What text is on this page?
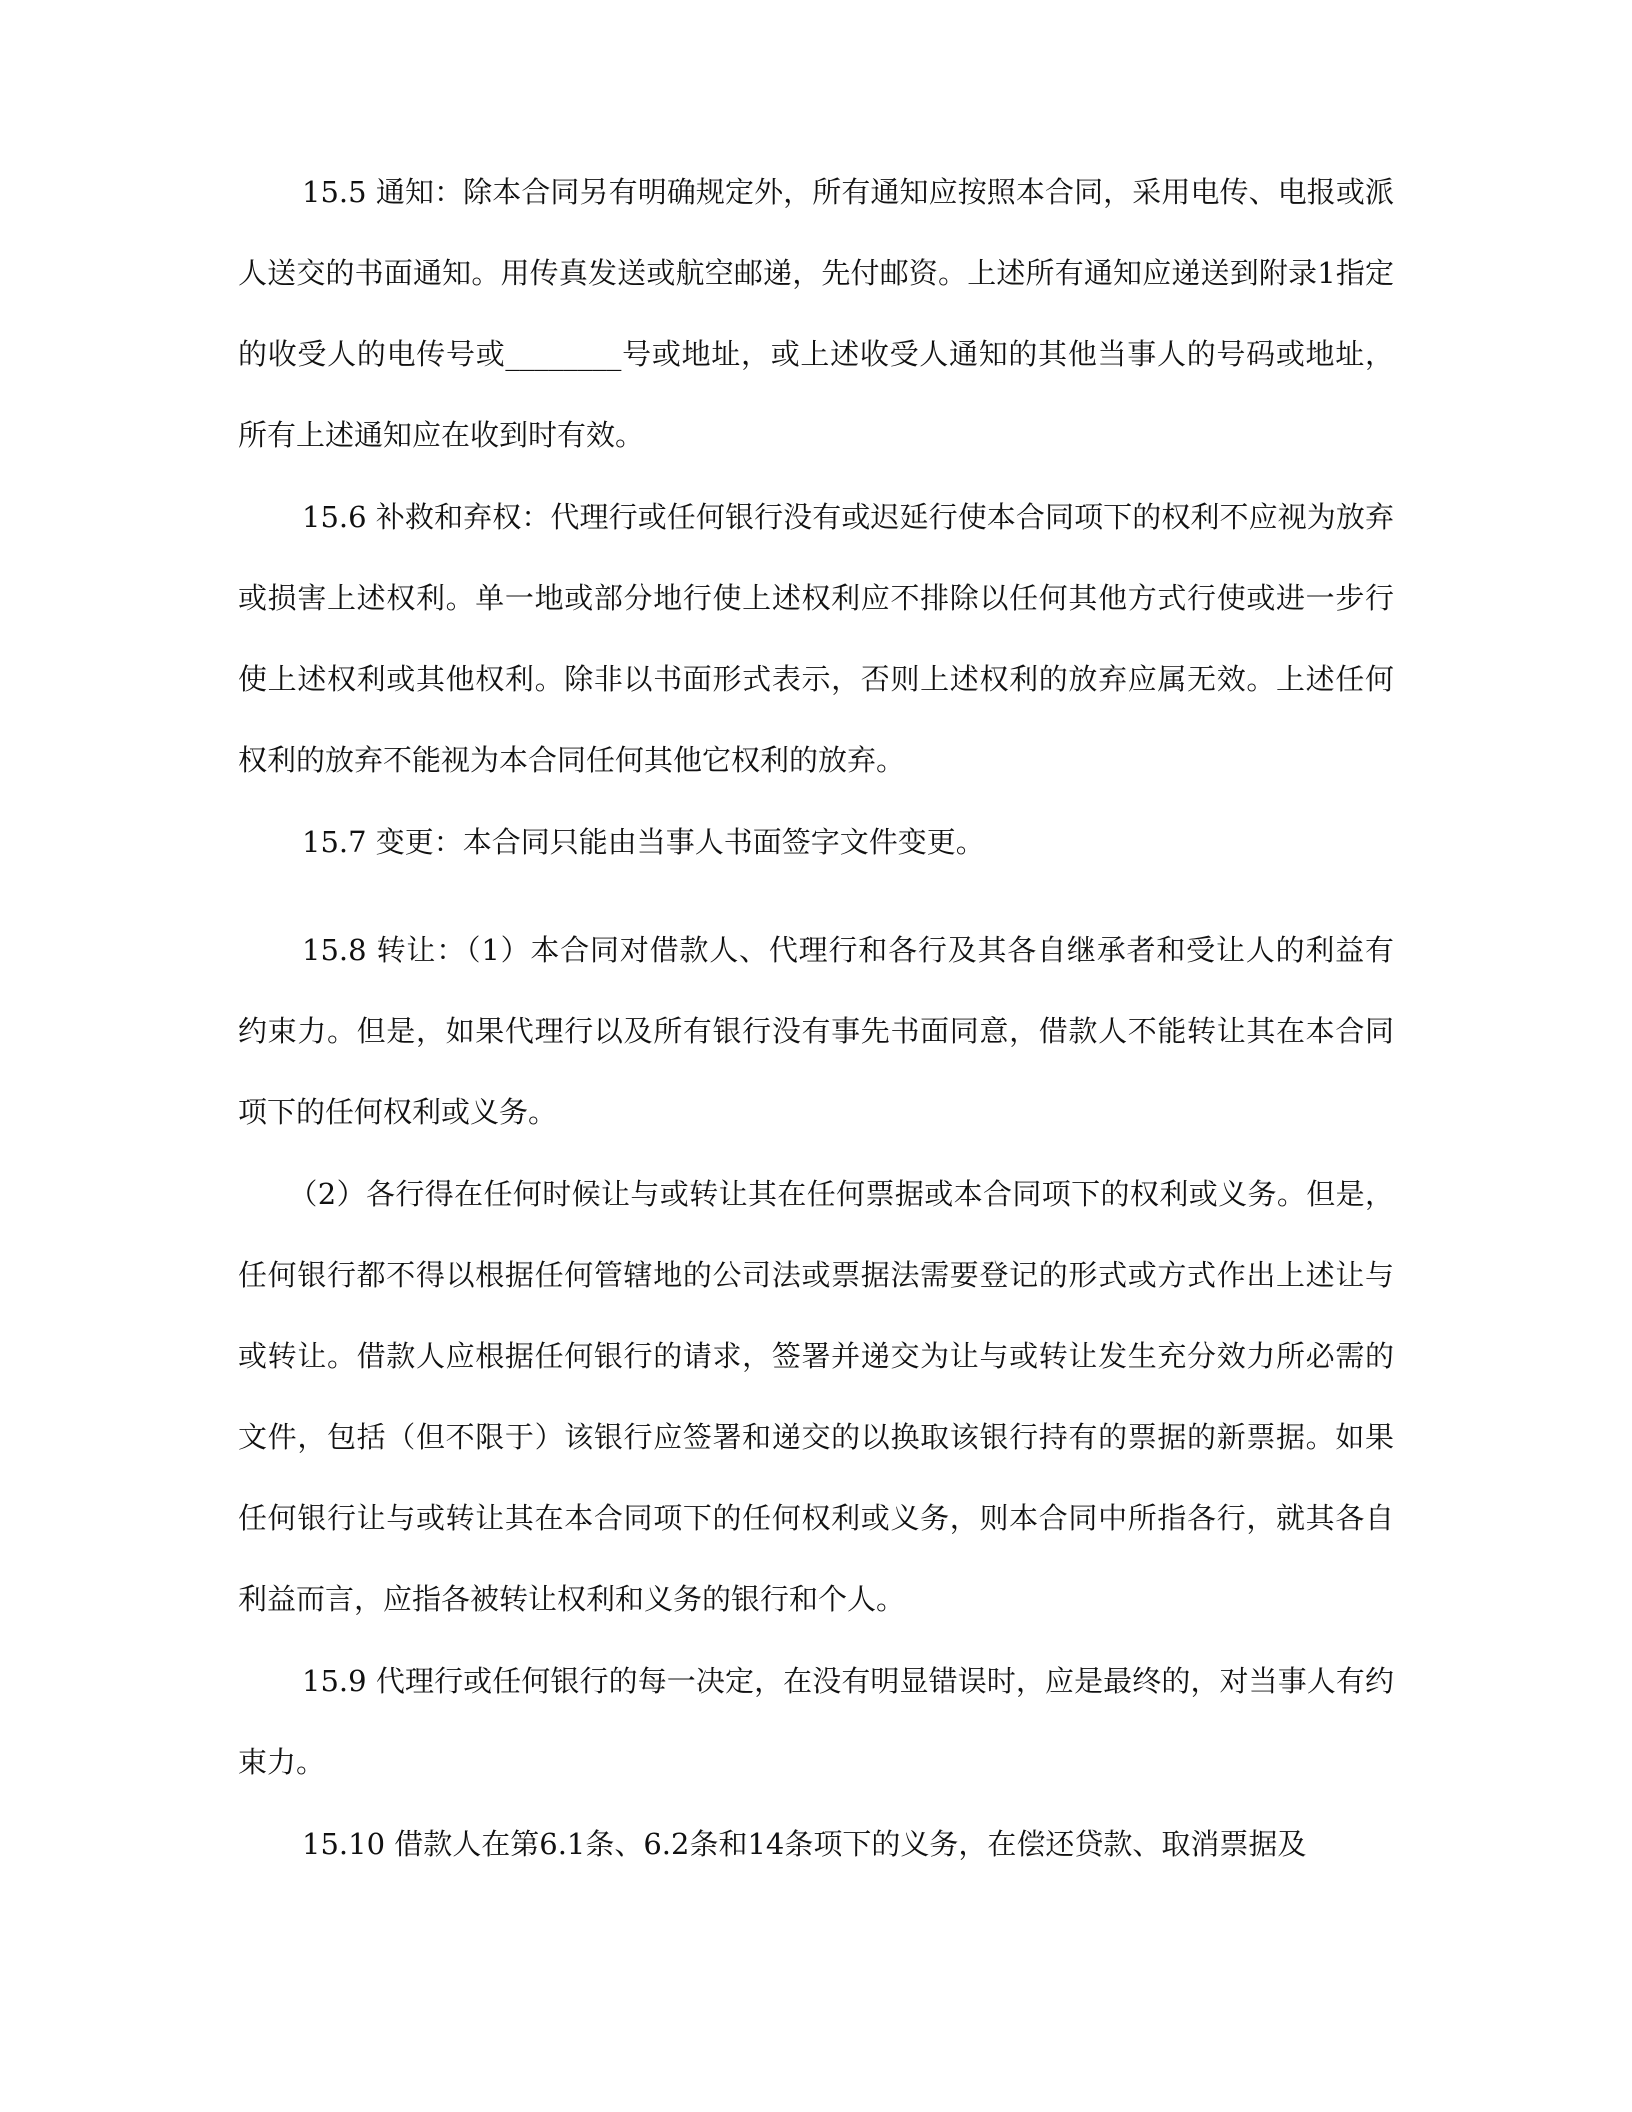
15.5 通知：除本合同另有明确规定外，所有通知应按照本合同，采用电传、电报或派人送交的书面通知。用传真发送或航空邮递，先付邮资。上述所有通知应递送到附录1指定的收受人的电传号或________号或地址，或上述收受人通知的其他当事人的号码或地址，所有上述通知应在收到时有效。

15.6 补救和弃权：代理行或任何银行没有或迟延行使本合同项下的权利不应视为放弃或损害上述权利。单一地或部分地行使上述权利应不排除以任何其他方式行使或进一步行使上述权利或其他权利。除非以书面形式表示，否则上述权利的放弃应属无效。上述任何权利的放弃不能视为本合同任何其他它权利的放弃。

15.7 变更：本合同只能由当事人书面签字文件变更。

15.8 转让：（1）本合同对借款人、代理行和各行及其各自继承者和受让人的利益有约束力。但是，如果代理行以及所有银行没有事先书面同意，借款人不能转让其在本合同项下的任何权利或义务。

（2）各行得在任何时候让与或转让其在任何票据或本合同项下的权利或义务。但是，任何银行都不得以根据任何管辖地的公司法或票据法需要登记的形式或方式作出上述让与或转让。借款人应根据任何银行的请求，签署并递交为让与或转让发生充分效力所必需的文件，包括（但不限于）该银行应签署和递交的以换取该银行持有的票据的新票据。如果任何银行让与或转让其在本合同项下的任何权利或义务，则本合同中所指各行，就其各自利益而言，应指各被转让权利和义务的银行和个人。

15.9 代理行或任何银行的每一决定，在没有明显错误时，应是最终的，对当事人有约束力。

15.10 借款人在第6.1条、6.2条和14条项下的义务，在偿还贷款、取消票据及
